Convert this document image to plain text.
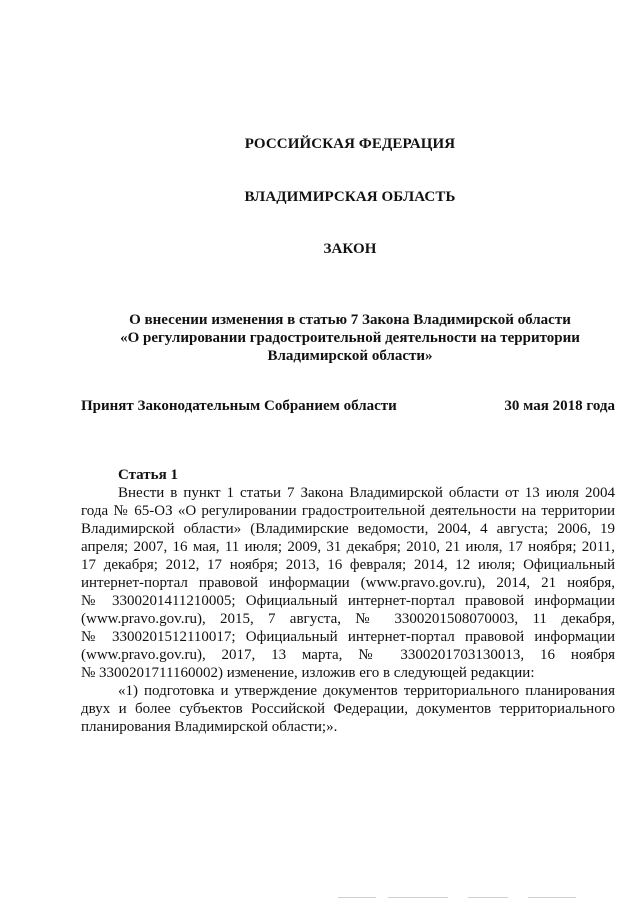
РОССИЙСКАЯ ФЕДЕРАЦИЯ
ВЛАДИМИРСКАЯ ОБЛАСТЬ
ЗАКОН
О внесении изменения в статью 7 Закона Владимирской области
«О регулировании градостроительной деятельности на территории
Владимирской области»
Принят Законодательным Собранием области	30 мая 2018 года

Статья 1

Внести в пункт 1 статьи 7 Закона Владимирской области от 13 июля 2004
года № 65-ОЗ «О регулировании градостроительной деятельности на территории
Владимирской области» (Владимирские ведомости, 2004, 4 августа; 2006, 19
апреля; 2007, 16 мая, 11 июля; 2009, 31 декабря; 2010, 21 июля, 17 ноября; 2011,
17 декабря; 2012, 17 ноября; 2013, 16 февраля; 2014, 12 июля; Официальный
интернет-портал правовой информации (www.pravo.gov.ru), 2014, 21 ноября,
№ 3300201411210005; Официальный интернет-портал правовой информации
(www.pravo.gov.ru), 2015, 7 августа, № 3300201508070003, 11 декабря,
№ 3300201512110017; Официальный интернет-портал правовой информации
(www.pravo.gov.ru), 2017, 13 марта, № 3300201703130013, 16 ноября
№ 3300201711160002) изменение, изложив его в следующей редакции:
«1) подготовка и утверждение документов территориального планирования
двух и более субъектов Российской Федерации, документов территориального
планирования Владимирской области;».
